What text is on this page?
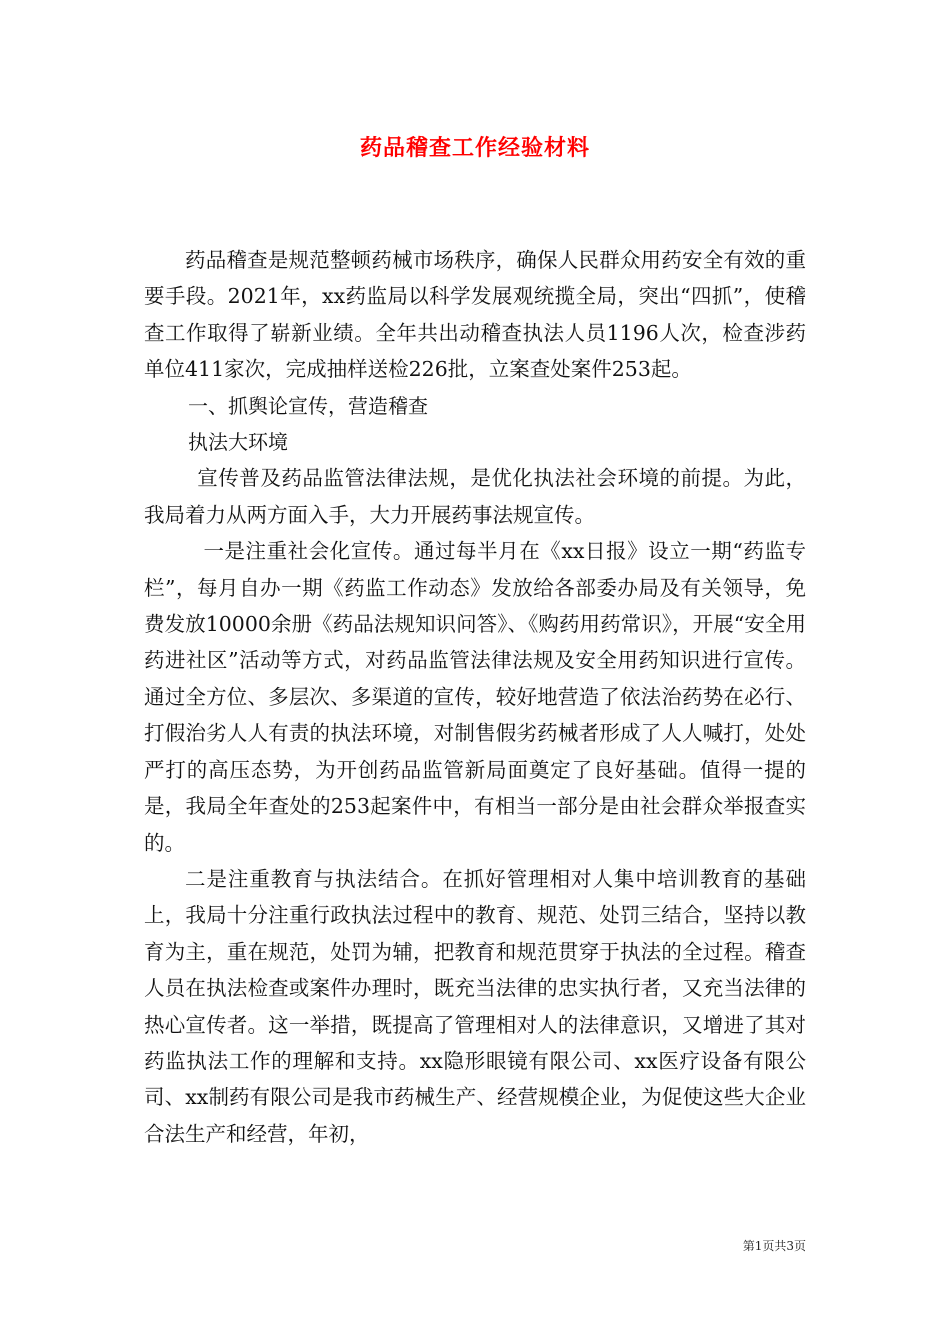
药品稽查工作经验材料

药品稽查是规范整顿药械市场秩序，确保人民群众用药安全有效的重要手段。2021年，xx药监局以科学发展观统揽全局，突出“四抓”，使稽查工作取得了崭新业绩。全年共出动稽查执法人员1196人次，检查涉药单位411家次，完成抽样送检226批，立案查处案件253起。

一、抓舆论宣传，营造稽查

执法大环境

宣传普及药品监管法律法规，是优化执法社会环境的前提。为此，我局着力从两方面入手，大力开展药事法规宣传。

一是注重社会化宣传。通过每半月在《xx日报》设立一期“药监专栏”，每月自办一期《药监工作动态》发放给各部委办局及有关领导，免费发放10000余册《药品法规知识问答》、《购药用药常识》，开展“安全用药进社区”活动等方式，对药品监管法律法规及安全用药知识进行宣传。通过全方位、多层次、多渠道的宣传，较好地营造了依法治药势在必行、打假治劣人人有责的执法环境，对制售假劣药械者形成了人人喊打，处处严打的高压态势，为开创药品监管新局面奠定了良好基础。值得一提的是，我局全年查处的253起案件中，有相当一部分是由社会群众举报查实的。

二是注重教育与执法结合。在抓好管理相对人集中培训教育的基础上，我局十分注重行政执法过程中的教育、规范、处罚三结合，坚持以教育为主，重在规范，处罚为辅，把教育和规范贯穿于执法的全过程。稽查人员在执法检查或案件办理时，既充当法律的忠实执行者，又充当法律的热心宣传者。这一举措，既提高了管理相对人的法律意识，又增进了其对药监执法工作的理解和支持。xx隐形眼镜有限公司、xx医疗设备有限公司、xx制药有限公司是我市药械生产、经营规模企业，为促使这些大企业合法生产和经营，年初，

第1页共3页
